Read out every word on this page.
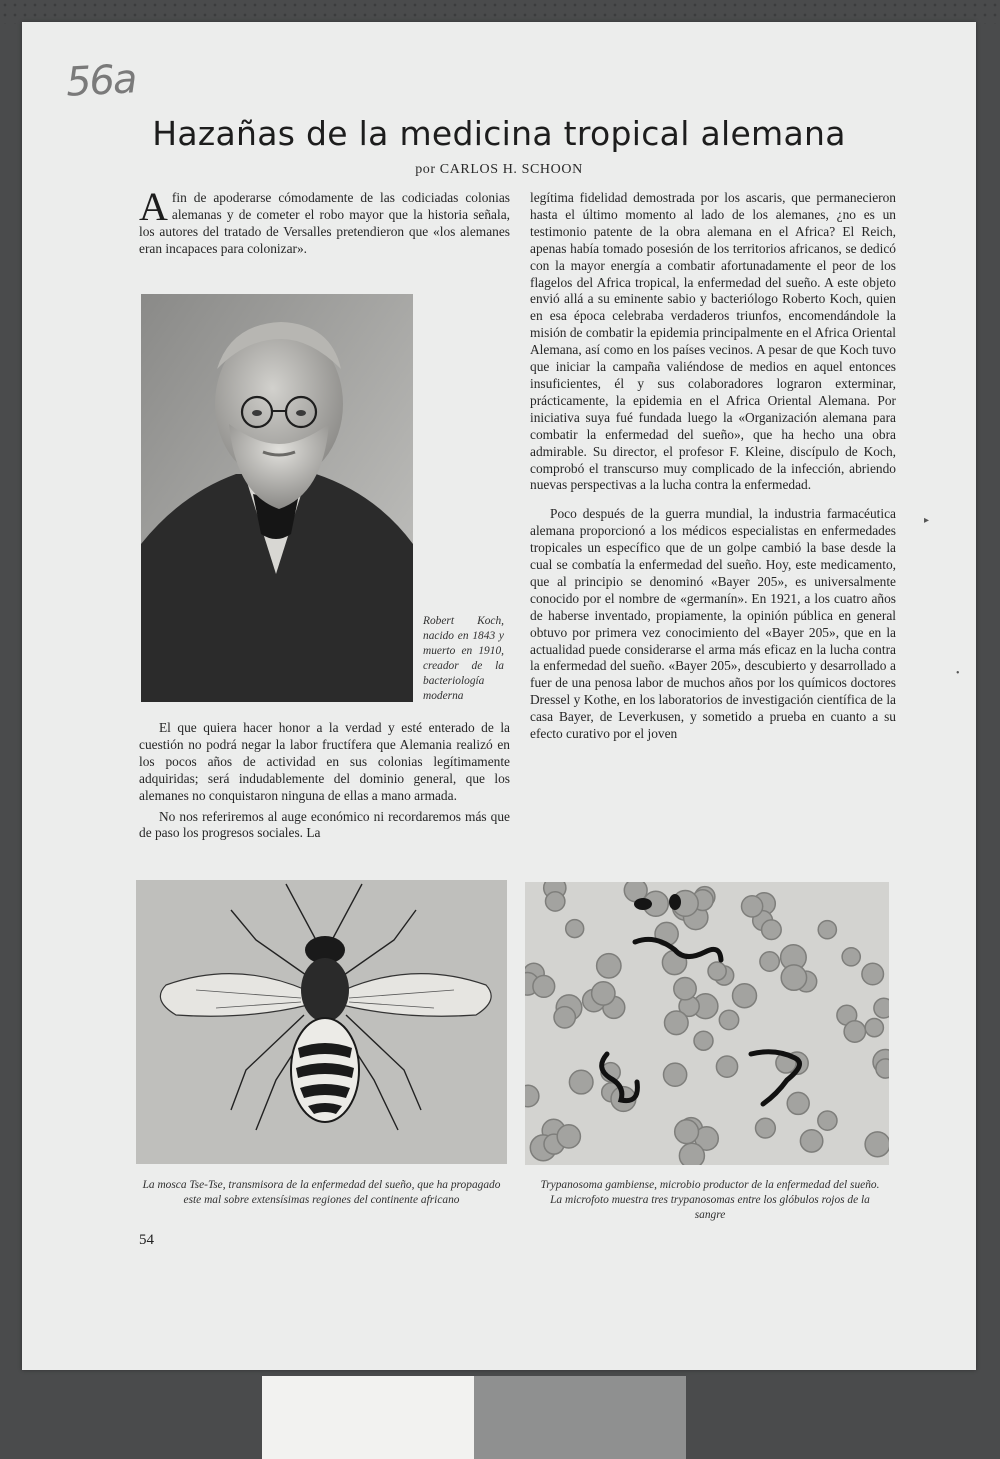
56a
Hazañas de la medicina tropical alemana
por CARLOS H. SCHOON

Afin de apoderarse cómodamente de las codiciadas colonias alemanas y de cometer el robo mayor que la historia señala, los autores del tratado de Versalles pretendieron que «los alemanes eran incapaces para colonizar».

Robert Koch, nacido en 1843 y muerto en 1910, creador de la bacteriología moderna

El que quiera hacer honor a la verdad y esté enterado de la cuestión no podrá negar la labor fructífera que Alemania realizó en los pocos años de actividad en sus colonias legítimamente adquiridas; será indudablemente del dominio general, que los alemanes no conquistaron ninguna de ellas a mano armada.

No nos referiremos al auge económico ni recordaremos más que de paso los progresos sociales. La

legítima fidelidad demostrada por los ascaris, que permanecieron hasta el último momento al lado de los alemanes, ¿no es un testimonio patente de la obra alemana en el Africa? El Reich, apenas había tomado posesión de los territorios africanos, se dedicó con la mayor energía a combatir afortunadamente el peor de los flagelos del Africa tropical, la enfermedad del sueño. A este objeto envió allá a su eminente sabio y bacteriólogo Roberto Koch, quien en esa época celebraba verdaderos triunfos, encomendándole la misión de combatir la epidemia principalmente en el Africa Oriental Alemana, así como en los países vecinos. A pesar de que Koch tuvo que iniciar la campaña valiéndose de medios en aquel entonces insuficientes, él y sus colaboradores lograron exterminar, prácticamente, la epidemia en el Africa Oriental Alemana. Por iniciativa suya fué fundada luego la «Organización alemana para combatir la enfermedad del sueño», que ha hecho una obra admirable. Su director, el profesor F. Kleine, discípulo de Koch, comprobó el transcurso muy complicado de la infección, abriendo nuevas perspectivas a la lucha contra la enfermedad.

Poco después de la guerra mundial, la industria farmacéutica alemana proporcionó a los médicos especialistas en enfermedades tropicales un específico que de un golpe cambió la base desde la cual se combatía la enfermedad del sueño. Hoy, este medicamento, que al principio se denominó «Bayer 205», es universalmente conocido por el nombre de «germanín». En 1921, a los cuatro años de haberse inventado, propiamente, la opinión pública en general obtuvo por primera vez conocimiento del «Bayer 205», que en la actualidad puede considerarse el arma más eficaz en la lucha contra la enfermedad del sueño. «Bayer 205», descubierto y desarrollado a fuer de una penosa labor de muchos años por los químicos doctores Dressel y Kothe, en los laboratorios de investigación científica de la casa Bayer, de Leverkusen, y sometido a prueba en cuanto a su efecto curativo por el joven

La mosca Tse-Tse, transmisora de la enfermedad del sueño, que ha propagado este mal sobre extensísimas regiones del continente africano
Trypanosoma gambiense, microbio productor de la enfermedad del sueño. La microfoto muestra tres trypanosomas entre los glóbulos rojos de la sangre
54
▸
•
